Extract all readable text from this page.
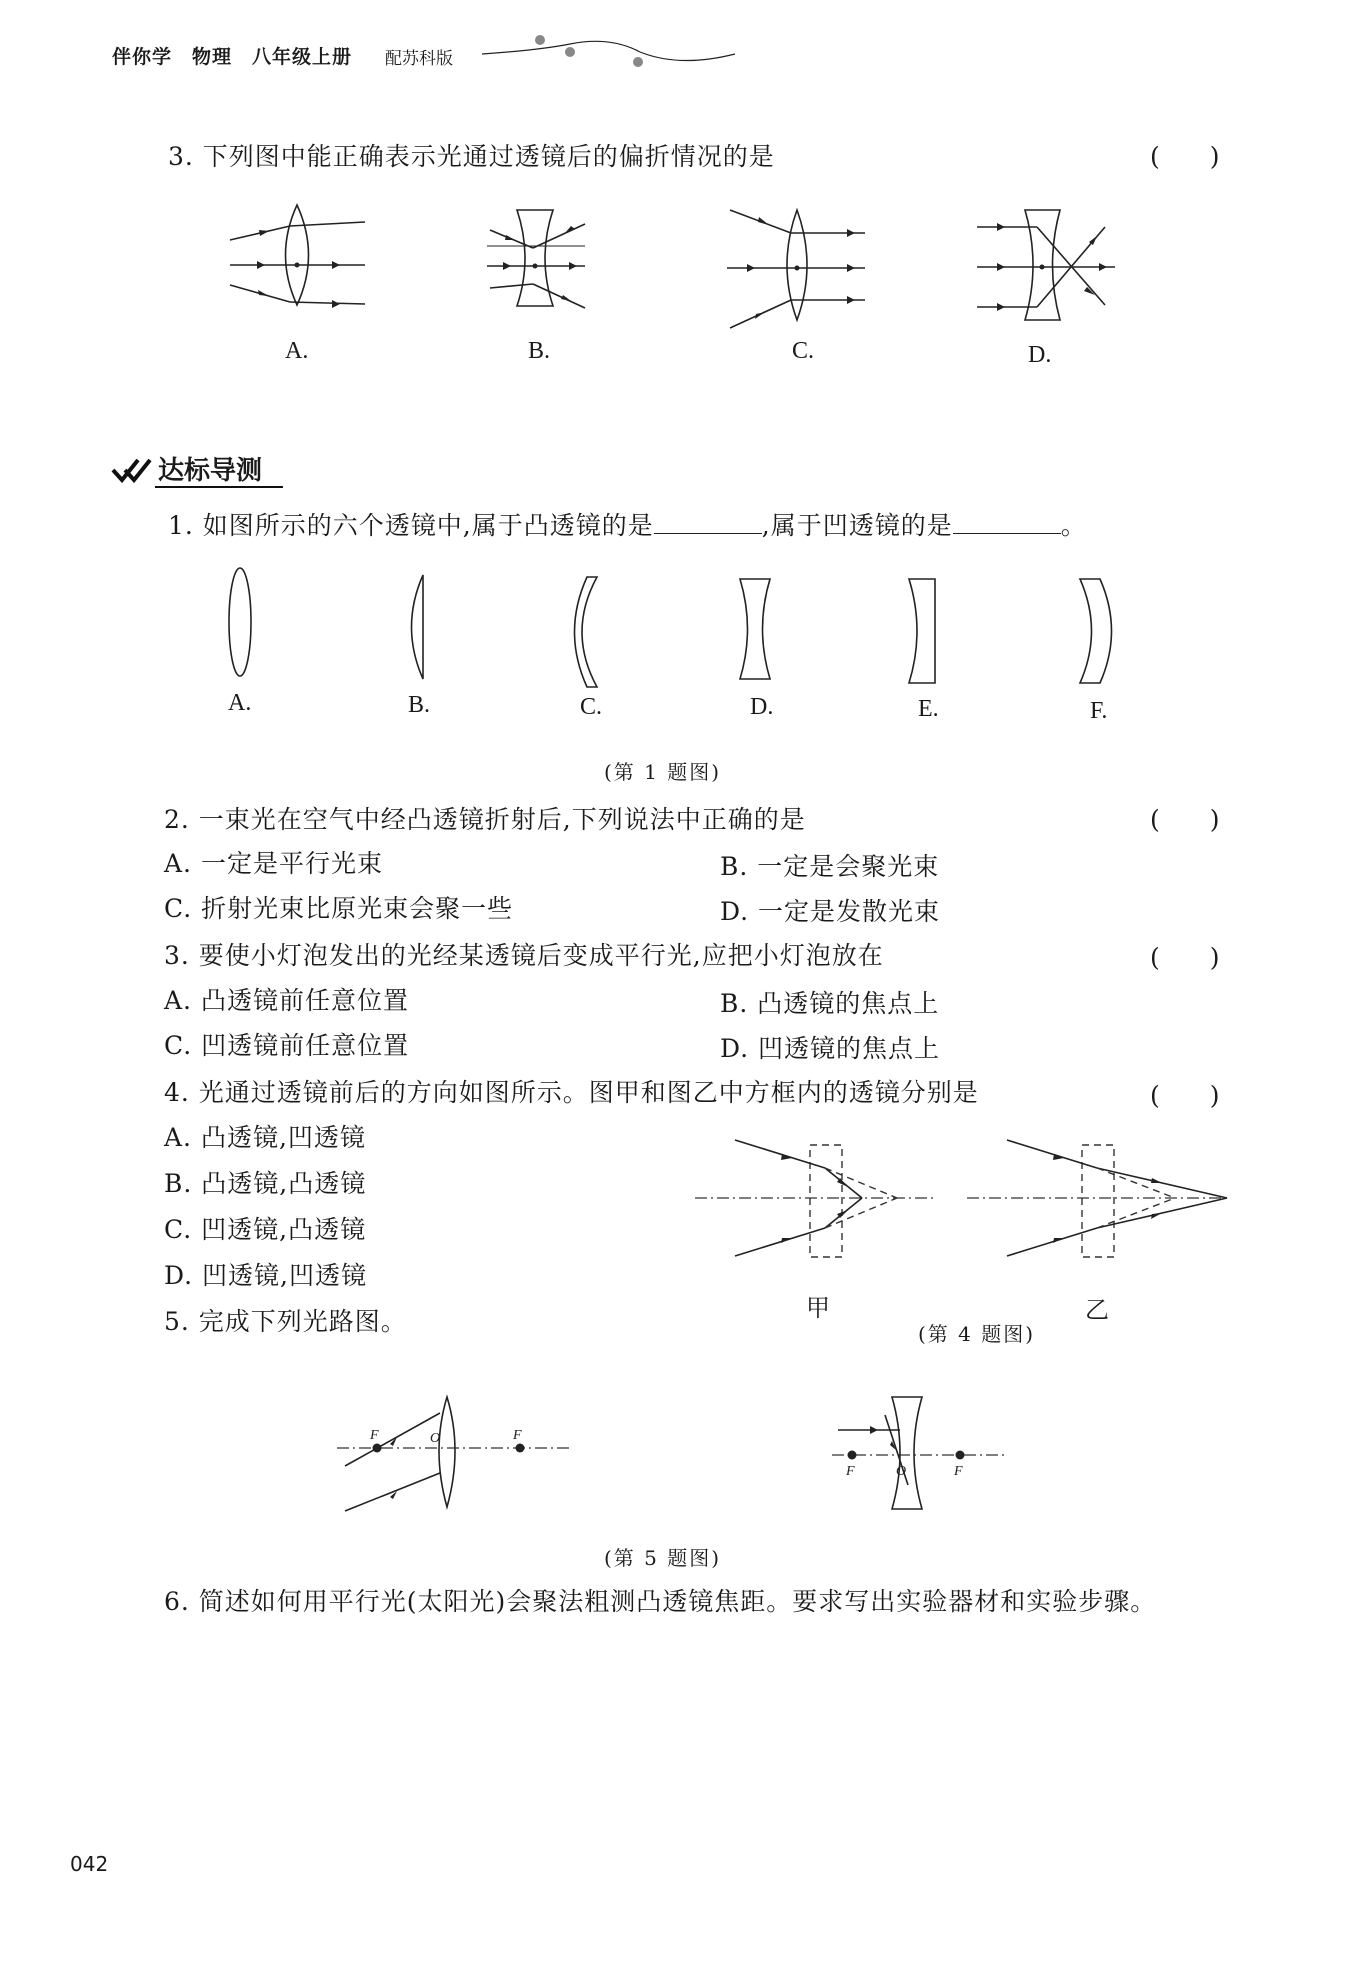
伴你学　物理　八年级上册 配苏科版
3. 下列图中能正确表示光通过透镜后的偏折情况的是	(　　)
A.	B.	C.	D.
达标导测
1. 如图所示的六个透镜中,属于凸透镜的是	,属于凹透镜的是	。
A.	B.	C.	D.	E.	F.
(第 1 题图)
2. 一束光在空气中经凸透镜折射后,下列说法中正确的是	(　　)
A. 一定是平行光束	B. 一定是会聚光束
C. 折射光束比原光束会聚一些	D. 一定是发散光束
3. 要使小灯泡发出的光经某透镜后变成平行光,应把小灯泡放在	(　　)
A. 凸透镜前任意位置	B. 凸透镜的焦点上
C. 凹透镜前任意位置	D. 凹透镜的焦点上
4. 光通过透镜前后的方向如图所示。图甲和图乙中方框内的透镜分别是	(　　)
A. 凸透镜,凹透镜
B. 凸透镜,凸透镜
C. 凹透镜,凸透镜
D. 凹透镜,凹透镜
甲	乙
(第 4 题图)
5. 完成下列光路图。
F	O	F
F	O	F
(第 5 题图)
6. 简述如何用平行光(太阳光)会聚法粗测凸透镜焦距。要求写出实验器材和实验步骤。
042
